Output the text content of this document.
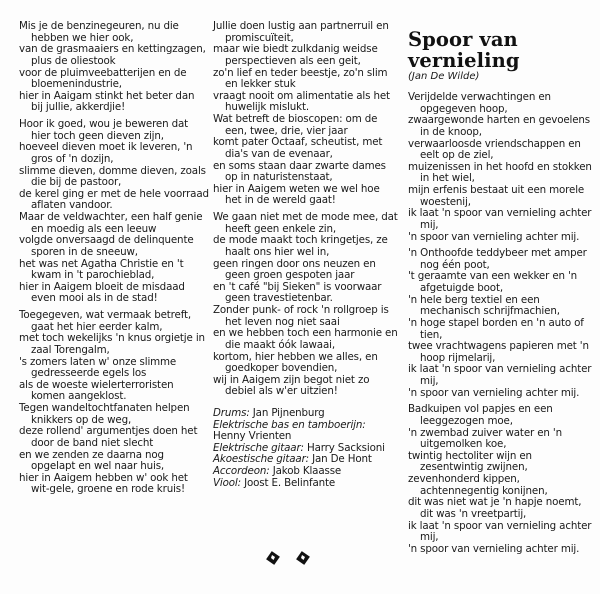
Mis je de benzinegeuren, nu die hebben we hier ook,
van de grasmaaiers en kettingzagen, plus de oliestook
voor de pluimveebatterijen en de bloemenindustrie,
hier in Aaigam stinkt het beter dan bij jullie, akkerdjie!
Hoor ik goed, wou je beweren dat hier toch geen dieven zijn,
hoeveel dieven moet ik leveren, 'n gros of 'n dozijn,
slimme dieven, domme dieven, zoals die bij de pastoor,
de kerel ging er met de hele voorraad aflaten vandoor.
Maar de veldwachter, een half genie en moedig als een leeuw
volgde onversaagd de delinquente sporen in de sneeuw,
het was net Agatha Christie en 't kwam in 't parochieblad,
hier in Aaigem bloeit de misdaad even mooi als in de stad!
Toegegeven, wat vermaak betreft, gaat het hier eerder kalm,
met toch wekelijks 'n knus orgietje in zaal Torengalm,
's zomers laten w' onze slimme gedresseerde egels los
als de woeste wielerterroristen komen aangeklost.
Tegen wandeltochtfanaten helpen knikkers op de weg,
deze rollend' argumentjes doen het door de band niet slecht
en we zenden ze daarna nog opgelapt en wel naar huis,
hier in Aaigem hebben w' ook het wit-gele, groene en rode kruis!
Jullie doen lustig aan partnerruil en promiscuïteit,
maar wie biedt zulkdanig weidse perspectieven als een geit,
zo'n lief en teder beestje, zo'n slim en lekker stuk
vraagt nooit om alimentatie als het huwelijk mislukt.
Wat betreft de bioscopen: om de een, twee, drie, vier jaar
komt pater Octaaf, scheutist, met dia's van de evenaar,
en soms staan daar zwarte dames op in naturistenstaat,
hier in Aaigem weten we wel hoe het in de wereld gaat!
We gaan niet met de mode mee, dat heeft geen enkele zin,
de mode maakt toch kringetjes, ze haalt ons hier wel in,
geen ringen door ons neuzen en geen groen gespoten jaar
en 't café "bij Sieken" is voorwaar geen travestietenbar.
Zonder punk- of rock 'n rollgroep is het leven nog niet saai
en we hebben toch een harmonie en die maakt óók lawaai,
kortom, hier hebben we alles, en goedkoper bovendien,
wij in Aaigem zijn begot niet zo debiel als w'er uitzien!
Drums: Jan Pijnenburg
Elektrische bas en tamboerijn:
Henny Vrienten
Elektrische gitaar: Harry Sacksioni
Akoestische gitaar: Jan De Hont
Accordeon: Jakob Klaasse
Viool: Joost E. Belinfante
Spoor van vernieling
(Jan De Wilde)
Verijdelde verwachtingen en opgegeven hoop,
zwaargewonde harten en gevoelens in de knoop,
verwaarloosde vriendschappen en eelt op de ziel,
muizenissen in het hoofd en stokken in het wiel,
mijn erfenis bestaat uit een morele woestenij,
ik laat 'n spoor van vernieling achter mij,
'n spoor van vernieling achter mij.
'n Onthoofde teddybeer met amper nog één poot,
't geraamte van een wekker en 'n afgetuigde boot,
'n hele berg textiel en een mechanisch schrijfmachien,
'n hoge stapel borden en 'n auto of tien,
twee vrachtwagens papieren met 'n hoop rijmelarij,
ik laat 'n spoor van vernieling achter mij,
'n spoor van vernieling achter mij.
Badkuipen vol papjes en een leeggezogen moe,
'n zwembad zuiver water en 'n uitgemolken koe,
twintig hectoliter wijn en zesentwintig zwijnen,
zevenhonderd kippen, achtennegentig konijnen,
dit was niet wat je 'n hapje noemt, dit was 'n vreetpartij,
ik laat 'n spoor van vernieling achter mij,
'n spoor van vernieling achter mij.
